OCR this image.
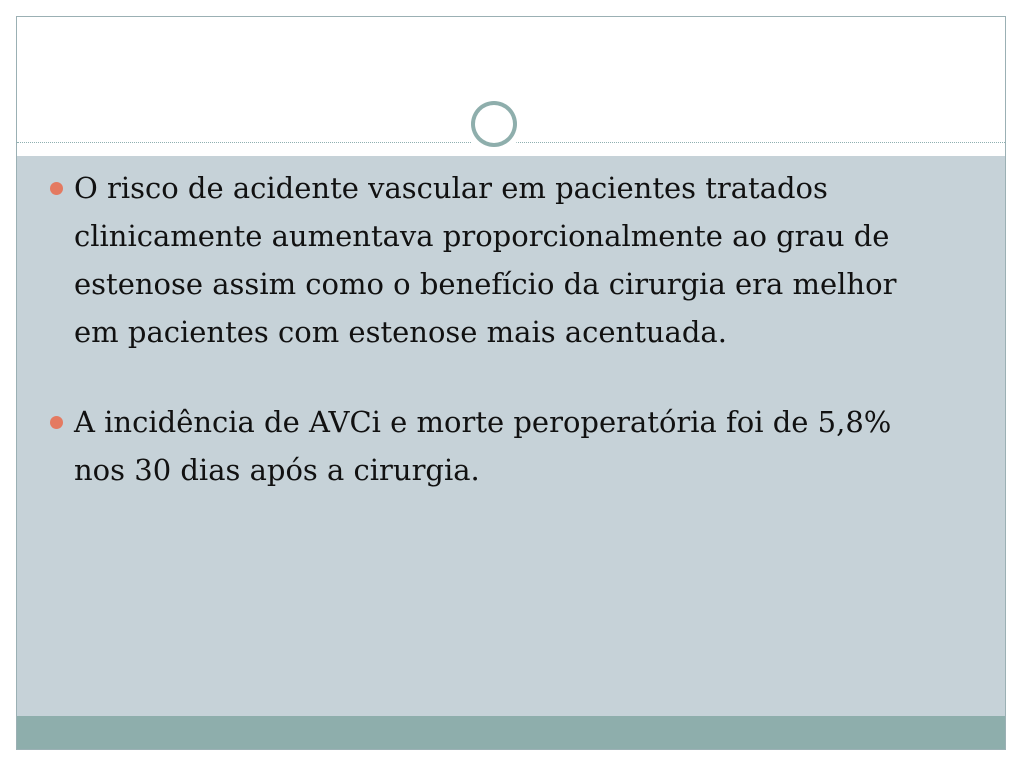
O risco de acidente vascular em pacientes tratados clinicamente aumentava proporcionalmente ao grau de estenose assim como o benefício da cirurgia era melhor em pacientes com estenose mais acentuada.
A incidência de AVCi e morte peroperatória foi de 5,8% nos 30 dias após a cirurgia.
